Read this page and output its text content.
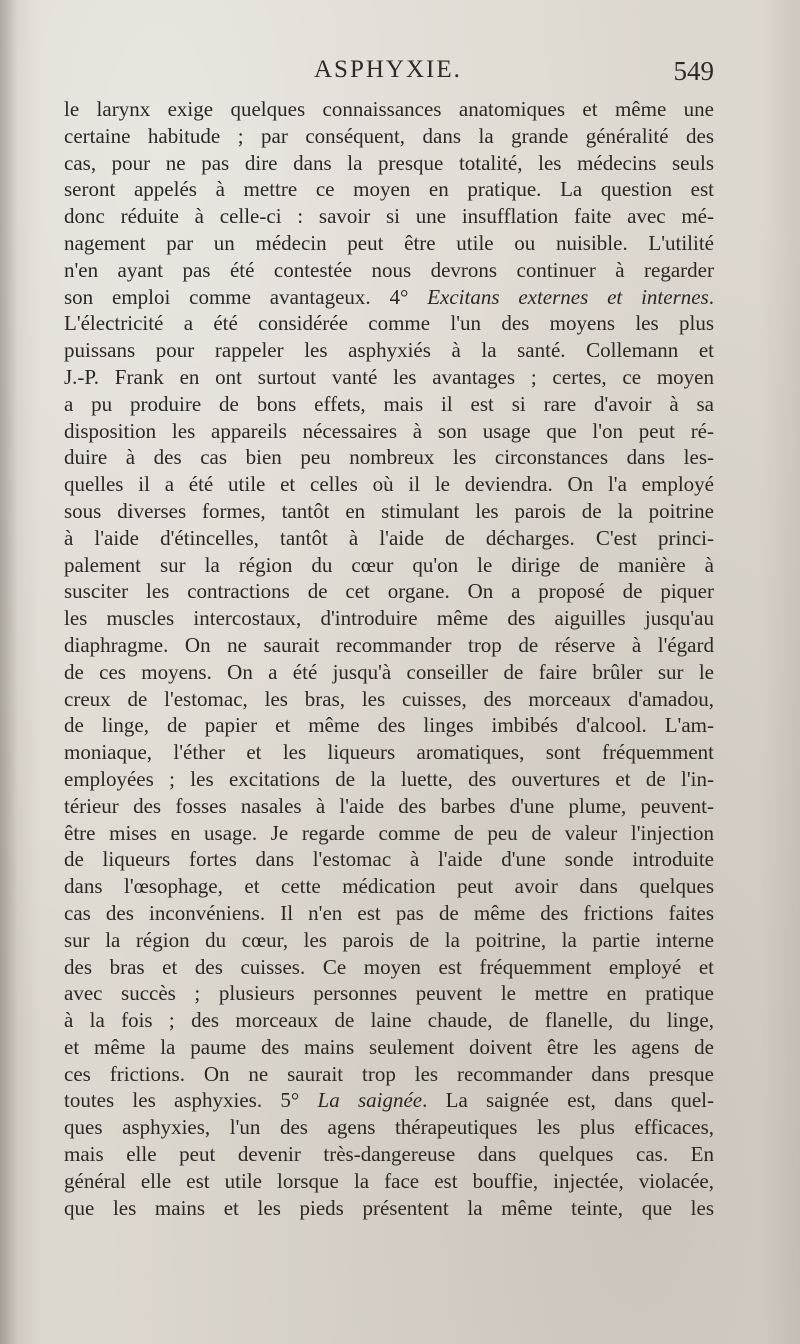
ASPHYXIE.	549
le larynx exige quelques connaissances anatomiques et même une
certaine habitude ; par conséquent, dans la grande généralité des
cas, pour ne pas dire dans la presque totalité, les médecins seuls
seront appelés à mettre ce moyen en pratique. La question est
donc réduite à celle-ci : savoir si une insufflation faite avec mé-
nagement par un médecin peut être utile ou nuisible. L'utilité
n'en ayant pas été contestée nous devrons continuer à regarder
son emploi comme avantageux. 4° Excitans externes et internes.
L'électricité a été considérée comme l'un des moyens les plus
puissans pour rappeler les asphyxiés à la santé. Collemann et
J.-P. Frank en ont surtout vanté les avantages ; certes, ce moyen
a pu produire de bons effets, mais il est si rare d'avoir à sa
disposition les appareils nécessaires à son usage que l'on peut ré-
duire à des cas bien peu nombreux les circonstances dans les-
quelles il a été utile et celles où il le deviendra. On l'a employé
sous diverses formes, tantôt en stimulant les parois de la poitrine
à l'aide d'étincelles, tantôt à l'aide de décharges. C'est princi-
palement sur la région du cœur qu'on le dirige de manière à
susciter les contractions de cet organe. On a proposé de piquer
les muscles intercostaux, d'introduire même des aiguilles jusqu'au
diaphragme. On ne saurait recommander trop de réserve à l'égard
de ces moyens. On a été jusqu'à conseiller de faire brûler sur le
creux de l'estomac, les bras, les cuisses, des morceaux d'amadou,
de linge, de papier et même des linges imbibés d'alcool. L'am-
moniaque, l'éther et les liqueurs aromatiques, sont fréquemment
employées ; les excitations de la luette, des ouvertures et de l'in-
térieur des fosses nasales à l'aide des barbes d'une plume, peuvent-
être mises en usage. Je regarde comme de peu de valeur l'injection
de liqueurs fortes dans l'estomac à l'aide d'une sonde introduite
dans l'œsophage, et cette médication peut avoir dans quelques
cas des inconvéniens. Il n'en est pas de même des frictions faites
sur la région du cœur, les parois de la poitrine, la partie interne
des bras et des cuisses. Ce moyen est fréquemment employé et
avec succès ; plusieurs personnes peuvent le mettre en pratique
à la fois ; des morceaux de laine chaude, de flanelle, du linge,
et même la paume des mains seulement doivent être les agens de
ces frictions. On ne saurait trop les recommander dans presque
toutes les asphyxies. 5° La saignée. La saignée est, dans quel-
ques asphyxies, l'un des agens thérapeutiques les plus efficaces,
mais elle peut devenir très-dangereuse dans quelques cas. En
général elle est utile lorsque la face est bouffie, injectée, violacée,
que les mains et les pieds présentent la même teinte, que les
